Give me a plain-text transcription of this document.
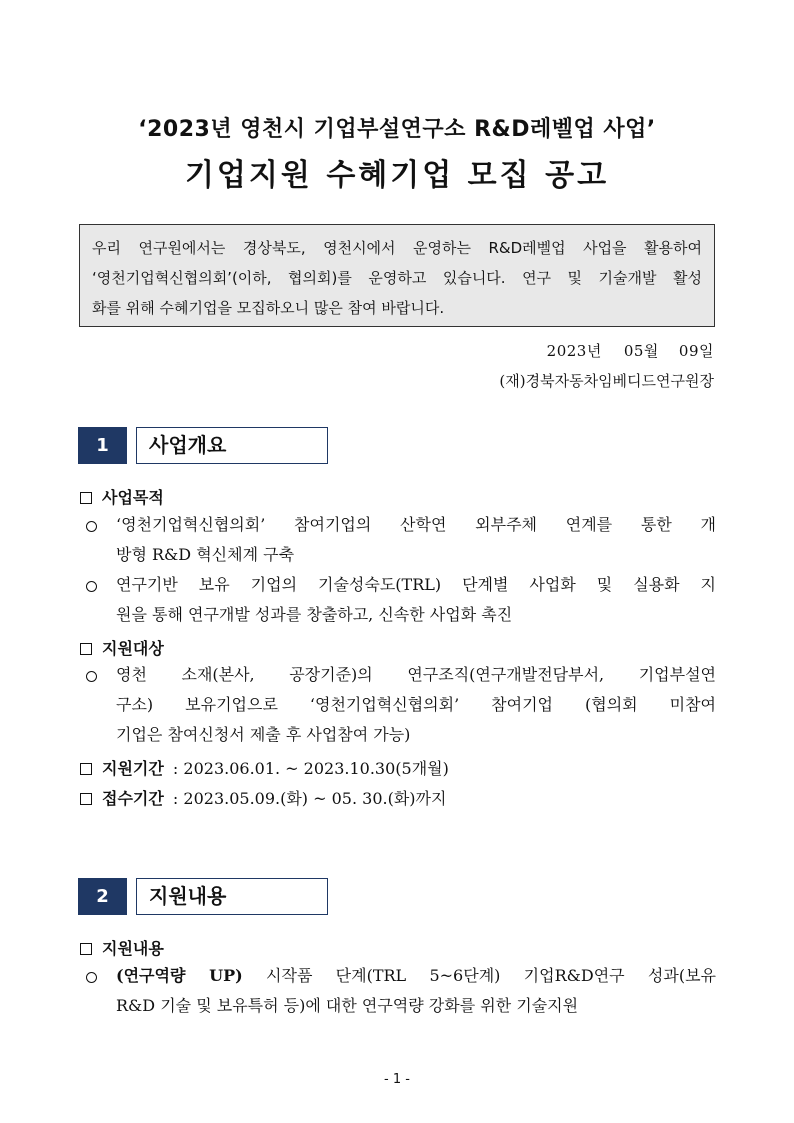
‘2023년 영천시 기업부설연구소 R&D레벨업 사업’
기업지원 수혜기업 모집 공고
우리 연구원에서는 경상북도, 영천시에서 운영하는 R&D레벨업 사업을 활용하여
‘영천기업혁신협의회’(이하, 협의회)를 운영하고 있습니다. 연구 및 기술개발 활성
화를 위해 수혜기업을 모집하오니 많은 참여 바랍니다.
2023년 05월 09일
(재)경북자동차임베디드연구원장
1	사업개요
사업목적
‘영천기업혁신협의회’ 참여기업의 산학연 외부주체 연계를 통한 개
방형 R&D 혁신체계 구축
연구기반 보유 기업의 기술성숙도(TRL) 단계별 사업화 및 실용화 지
원을 통해 연구개발 성과를 창출하고, 신속한 사업화 촉진
지원대상
영천 소재(본사, 공장기준)의 연구조직(연구개발전담부서, 기업부설연
구소) 보유기업으로 ‘영천기업혁신협의회’ 참여기업 (협의회 미참여
기업은 참여신청서 제출 후 사업참여 가능)
지원기간 : 2023.06.01. ~ 2023.10.30(5개월)
접수기간 : 2023.05.09.(화) ~ 05. 30.(화)까지
2	지원내용
지원내용
(연구역량 UP) 시작품 단계(TRL 5~6단계) 기업R&D연구 성과(보유
R&D 기술 및 보유특허 등)에 대한 연구역량 강화를 위한 기술지원
- 1 -
